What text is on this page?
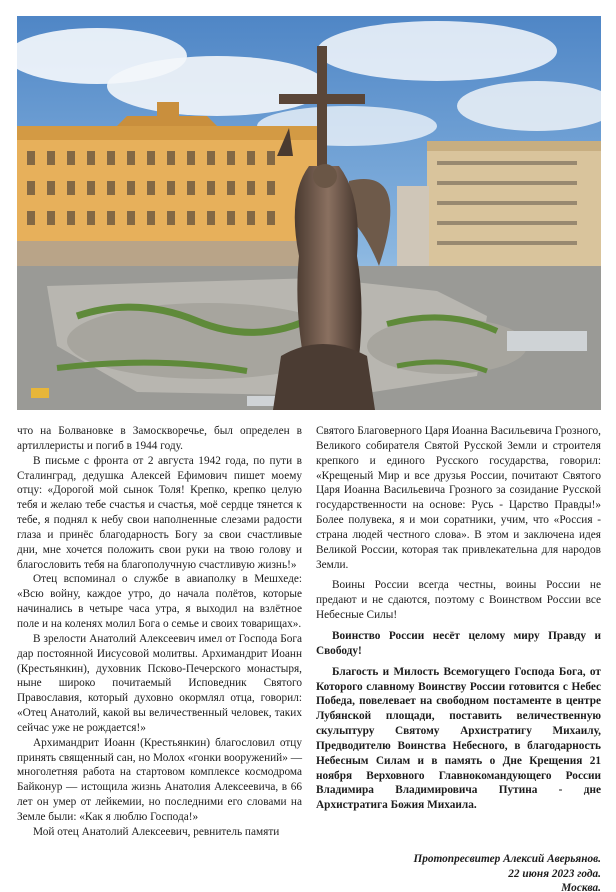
что на Болвановке в Замоскворечье, был определен в артиллеристы и погиб в 1944 году.

В письме с фронта от 2 августа 1942 года, по пути в Сталинград, дедушка Алексей Ефимович пишет моему отцу: «Дорогой мой сынок Толя! Крепко, крепко целую тебя и желаю тебе счастья и счастья, моё сердце тянется к тебе, я поднял к небу свои наполненные слезами радости глаза и принёс благодарность Богу за свои счастливые дни, мне хочется положить свои руки на твою голову и благословить тебя на благополучную счастливую жизнь!»

Отец вспоминал о службе в авиаполку в Мешхеде: «Всю войну, каждое утро, до начала полётов, которые начинались в четыре часа утра, я выходил на взлётное поле и на коленях молил Бога о семье и своих товарищах».

В зрелости Анатолий Алексеевич имел от Господа Бога дар постоянной Иисусовой молитвы. Архимандрит Иоанн (Крестьянкин), духовник Псково-Печерского монастыря, ныне широко почитаемый Исповедник Святого Православия, который духовно окормлял отца, говорил: «Отец Анатолий, какой вы величественный человек, таких сейчас уже не рождается!»

Архимандрит Иоанн (Крестьянкин) благословил отцу принять священный сан, но Молох «гонки вооружений» — многолетняя работа на стартовом комплексе космодрома Байконур — истощила жизнь Анатолия Алексеевича, в 66 лет он умер от лейкемии, но последними его словами на Земле были: «Как я люблю Господа!»

Мой отец Анатолий Алексеевич, ревнитель памяти

Святого Благоверного Царя Иоанна Васильевича Грозного, Великого собирателя Святой Русской Земли и строителя крепкого и единого Русского государства, говорил: «Крещеный Мир и все друзья России, почитают Святого Царя Иоанна Васильевича Грозного за созидание Русской государственности на основе: Русь - Царство Правды!» Более полувека, я и мои соратники, учим, что «Россия - страна людей честного слова». В этом и заключена идея Великой России, которая так привлекательна для народов Земли.

Воины России всегда честны, воины России не предают и не сдаются, поэтому с Воинством России все Небесные Силы!

Воинство России несёт целому миру Правду и Свободу!

Благость и Милость Всемогущего Господа Бога, от Которого славному Воинству России готовится с Небес Победа, повелевает на свободном постаменте в центре Лубянской площади, поставить величественную скульптуру Святому Архистратигу Михаилу, Предводителю Воинства Небесного, в благодарность Небесным Силам и в память о Дне Крещения 21 ноября Верховного Главнокомандующего России Владимира Владимировича Путина - дне Архистратига Божия Михаила.

Протопресвитер Алексий Аверьянов.
22 июня 2023 года.
Москва.
